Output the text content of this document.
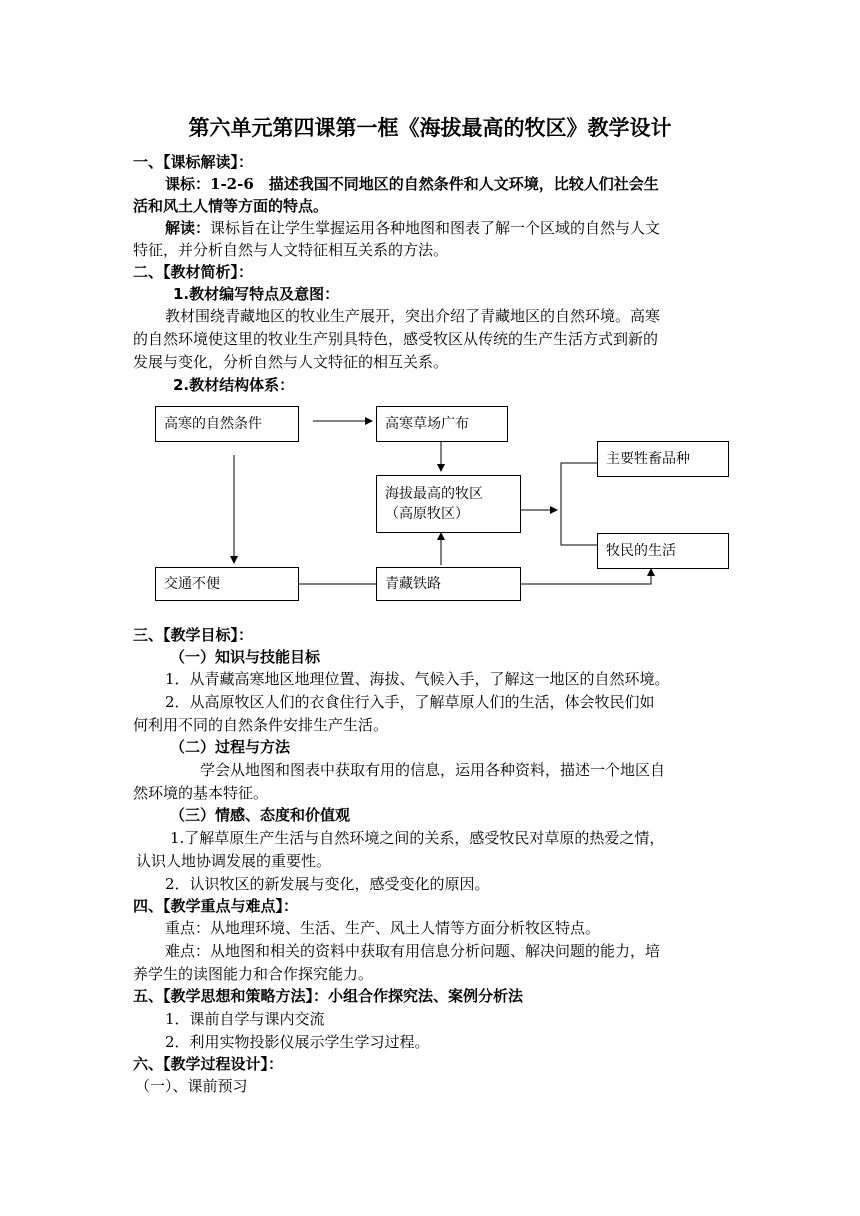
第六单元第四课第一框《海拔最高的牧区》教学设计
一、【课标解读】：
课标：1-2-6　描述我国不同地区的自然条件和人文环境，比较人们社会生
活和风土人情等方面的特点。
解读：课标旨在让学生掌握运用各种地图和图表了解一个区域的自然与人文
特征，并分析自然与人文特征相互关系的方法。
二、【教材简析】：
1.教材编写特点及意图：
教材围绕青藏地区的牧业生产展开，突出介绍了青藏地区的自然环境。高寒
的自然环境使这里的牧业生产别具特色，感受牧区从传统的生产生活方式到新的
发展与变化，分析自然与人文特征的相互关系。
2.教材结构体系：
高寒的自然条件	高寒草场广布
海拔最高的牧区
（高原牧区）
主要牲畜品种
牧民的生活
交通不便	青藏铁路
三、【教学目标】：
（一）知识与技能目标
1．从青藏高寒地区地理位置、海拔、气候入手，了解这一地区的自然环境。
2．从高原牧区人们的衣食住行入手，了解草原人们的生活，体会牧民们如
何利用不同的自然条件安排生产生活。
（二）过程与方法
学会从地图和图表中获取有用的信息，运用各种资料，描述一个地区自
然环境的基本特征。
（三）情感、态度和价值观
1.了解草原生产生活与自然环境之间的关系，感受牧民对草原的热爱之情，
认识人地协调发展的重要性。
2．认识牧区的新发展与变化，感受变化的原因。
四、【教学重点与难点】：
重点：从地理环境、生活、生产、风土人情等方面分析牧区特点。
难点：从地图和相关的资料中获取有用信息分析问题、解决问题的能力，培
养学生的读图能力和合作探究能力。
五、【教学思想和策略方法】：小组合作探究法、案例分析法
1．课前自学与课内交流
2．利用实物投影仪展示学生学习过程。
六、【教学过程设计】：
（一）、课前预习
